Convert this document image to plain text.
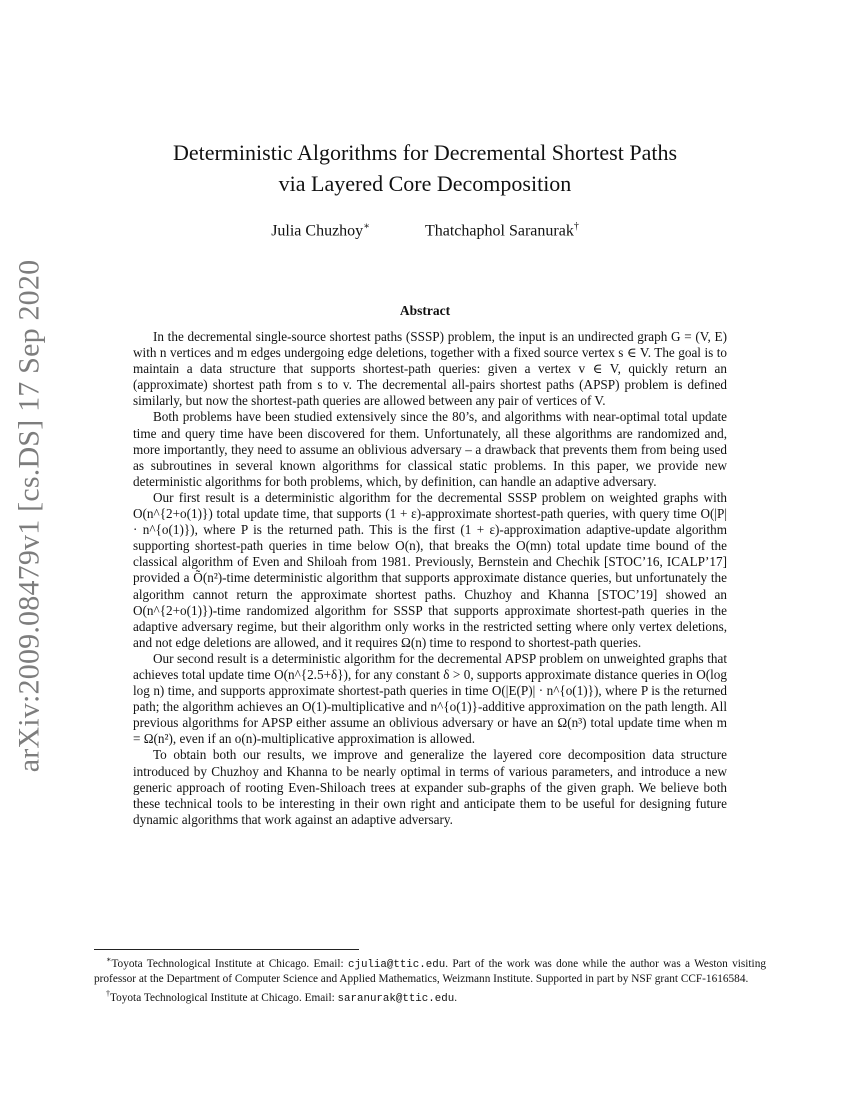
arXiv:2009.08479v1 [cs.DS] 17 Sep 2020
Deterministic Algorithms for Decremental Shortest Paths
via Layered Core Decomposition
Julia Chuzhoy∗	Thatchaphol Saranurak†
Abstract

In the decremental single-source shortest paths (SSSP) problem, the input is an undirected graph G = (V, E) with n vertices and m edges undergoing edge deletions, together with a fixed source vertex s ∈ V. The goal is to maintain a data structure that supports shortest-path queries: given a vertex v ∈ V, quickly return an (approximate) shortest path from s to v. The decremental all-pairs shortest paths (APSP) problem is defined similarly, but now the shortest-path queries are allowed between any pair of vertices of V.

Both problems have been studied extensively since the 80’s, and algorithms with near-optimal total update time and query time have been discovered for them. Unfortunately, all these algorithms are randomized and, more importantly, they need to assume an oblivious adversary – a drawback that prevents them from being used as subroutines in several known algorithms for classical static problems. In this paper, we provide new deterministic algorithms for both problems, which, by definition, can handle an adaptive adversary.

Our first result is a deterministic algorithm for the decremental SSSP problem on weighted graphs with O(n^{2+o(1)}) total update time, that supports (1 + ε)-approximate shortest-path queries, with query time O(|P| · n^{o(1)}), where P is the returned path. This is the first (1 + ε)-approximation adaptive-update algorithm supporting shortest-path queries in time below O(n), that breaks the O(mn) total update time bound of the classical algorithm of Even and Shiloah from 1981. Previously, Bernstein and Chechik [STOC’16, ICALP’17] provided a Õ(n²)-time deterministic algorithm that supports approximate distance queries, but unfortunately the algorithm cannot return the approximate shortest paths. Chuzhoy and Khanna [STOC’19] showed an O(n^{2+o(1)})-time randomized algorithm for SSSP that supports approximate shortest-path queries in the adaptive adversary regime, but their algorithm only works in the restricted setting where only vertex deletions, and not edge deletions are allowed, and it requires Ω(n) time to respond to shortest-path queries.

Our second result is a deterministic algorithm for the decremental APSP problem on unweighted graphs that achieves total update time O(n^{2.5+δ}), for any constant δ > 0, supports approximate distance queries in O(log log n) time, and supports approximate shortest-path queries in time O(|E(P)| · n^{o(1)}), where P is the returned path; the algorithm achieves an O(1)-multiplicative and n^{o(1)}-additive approximation on the path length. All previous algorithms for APSP either assume an oblivious adversary or have an Ω(n³) total update time when m = Ω(n²), even if an o(n)-multiplicative approximation is allowed.

To obtain both our results, we improve and generalize the layered core decomposition data structure introduced by Chuzhoy and Khanna to be nearly optimal in terms of various parameters, and introduce a new generic approach of rooting Even-Shiloach trees at expander sub-graphs of the given graph. We believe both these technical tools to be interesting in their own right and anticipate them to be useful for designing future dynamic algorithms that work against an adaptive adversary.

∗Toyota Technological Institute at Chicago. Email: cjulia@ttic.edu. Part of the work was done while the author was a Weston visiting professor at the Department of Computer Science and Applied Mathematics, Weizmann Institute. Supported in part by NSF grant CCF-1616584.

†Toyota Technological Institute at Chicago. Email: saranurak@ttic.edu.
